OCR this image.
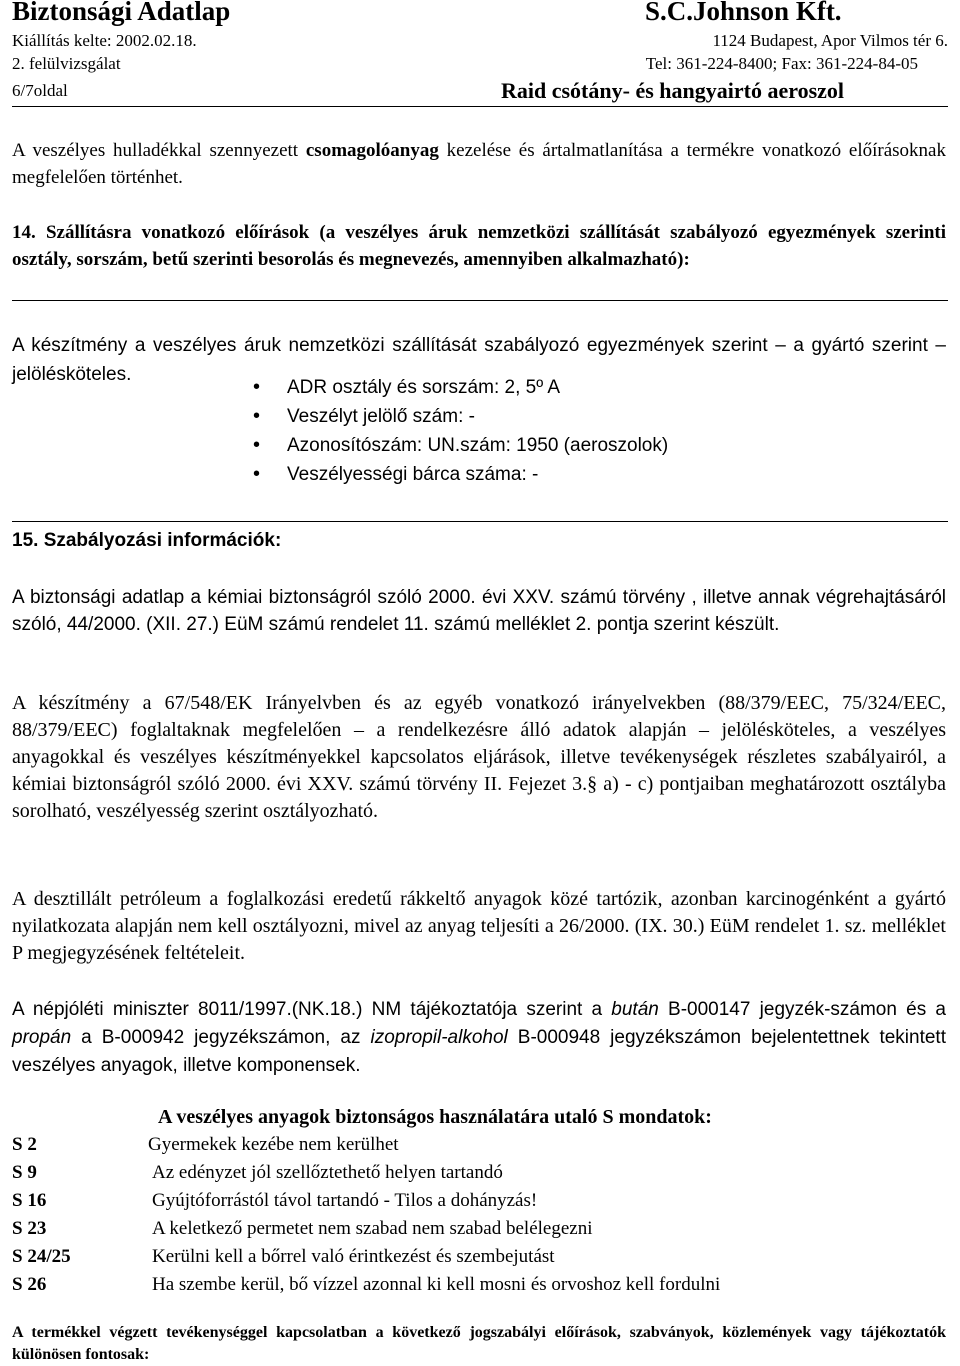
Biztonsági Adatlap	S.C.Johnson Kft.
Kiállítás kelte: 2002.02.18.	1124 Budapest, Apor Vilmos tér 6.
2. felülvizsgálat	Tel: 361-224-8400; Fax: 361-224-84-05
6/7oldal	Raid csótány- és hangyairtó aeroszol
A veszélyes hulladékkal szennyezett csomagolóanyag kezelése és ártalmatlanítása a termékre vonatkozó előírásoknak megfelelően történhet.
14. Szállításra vonatkozó előírások (a veszélyes áruk nemzetközi szállítását szabályozó egyezmények szerinti osztály, sorszám, betű szerinti besorolás és megnevezés, amennyiben alkalmazható):
A készítmény a veszélyes áruk nemzetközi szállítását szabályozó egyezmények szerint – a gyártó szerint – jelölésköteles.
• ADR osztály és sorszám: 2, 5º A
• Veszélyt jelölő szám: -
• Azonosítószám: UN.szám: 1950 (aeroszolok)
• Veszélyességi bárca száma: -
15. Szabályozási információk:
A biztonsági adatlap a kémiai biztonságról szóló 2000. évi XXV. számú törvény , illetve annak végrehajtásáról szóló, 44/2000. (XII. 27.) EüM számú rendelet 11. számú melléklet 2. pontja szerint készült.
A készítmény a 67/548/EK Irányelvben és az egyéb vonatkozó irányelvekben (88/379/EEC, 75/324/EEC, 88/379/EEC) foglaltaknak megfelelően – a rendelkezésre álló adatok alapján – jelölésköteles, a veszélyes anyagokkal és veszélyes készítményekkel kapcsolatos eljárások, illetve tevékenységek részletes szabályairól, a kémiai biztonságról szóló 2000. évi XXV. számú törvény II. Fejezet 3.§ a) - c) pontjaiban meghatározott osztályba sorolható, veszélyesség szerint osztályozható.
A desztillált petróleum a foglalkozási eredetű rákkeltő anyagok közé tartózik, azonban karcinogénként a gyártó nyilatkozata alapján nem kell osztályozni, mivel az anyag teljesíti a 26/2000. (IX. 30.) EüM rendelet 1. sz. melléklet P megjegyzésének feltételeit.
A népjóléti miniszter 8011/1997.(NK.18.) NM tájékoztatója szerint a bután B-000147 jegyzék-számon és a propán a B-000942 jegyzékszámon, az izopropil-alkohol B-000948 jegyzékszámon bejelentettnek tekintett veszélyes anyagok, illetve komponensek.
A veszélyes anyagok biztonságos használatára utaló S mondatok:
S 2	Gyermekek kezébe nem kerülhet
S 9	Az edényzet jól szellőztethető helyen tartandó
S 16	Gyújtóforrástól távol tartandó - Tilos a dohányzás!
S 23	A keletkező permetet nem szabad nem szabad belélegezni
S 24/25	Kerülni kell a bőrrel való érintkezést és szembejutást
S 26	Ha szembe kerül, bő vízzel azonnal ki kell mosni és orvoshoz kell fordulni
A termékkel végzett tevékenységgel kapcsolatban a következő jogszabályi előírások, szabványok, közlemények vagy tájékoztatók különösen fontosak:
